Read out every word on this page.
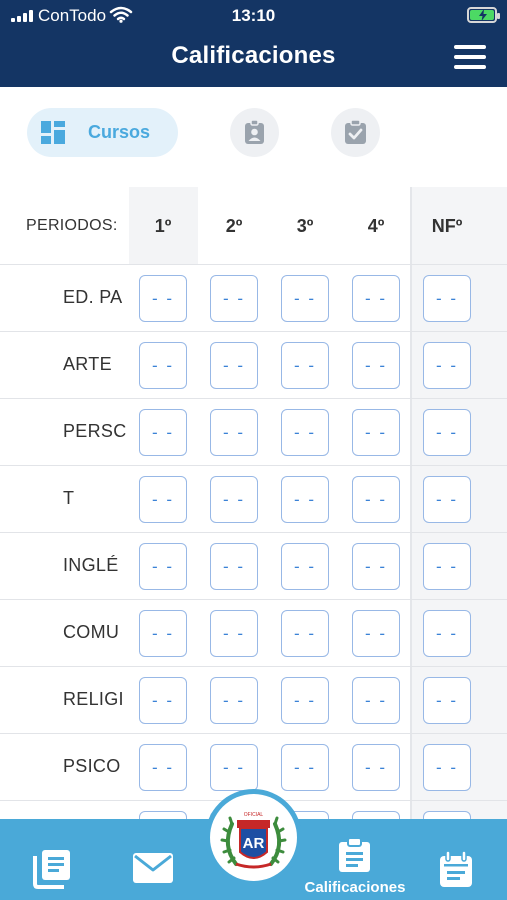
ConTodo	13:10
Calificaciones
Cursos
PERIODOS:	1º	2º	3º	4º	NFº
ED. PA	- -	- -	- -	- -	- -
ARTE	- -	- -	- -	- -	- -
PERSC	- -	- -	- -	- -	- -
T	- -	- -	- -	- -	- -
INGLÉ	- -	- -	- -	- -	- -
COMU	- -	- -	- -	- -	- -
RELIGI	- -	- -	- -	- -	- -
PSICO	- -	- -	- -	- -	- -
Calificaciones
AR
OFICIAL
